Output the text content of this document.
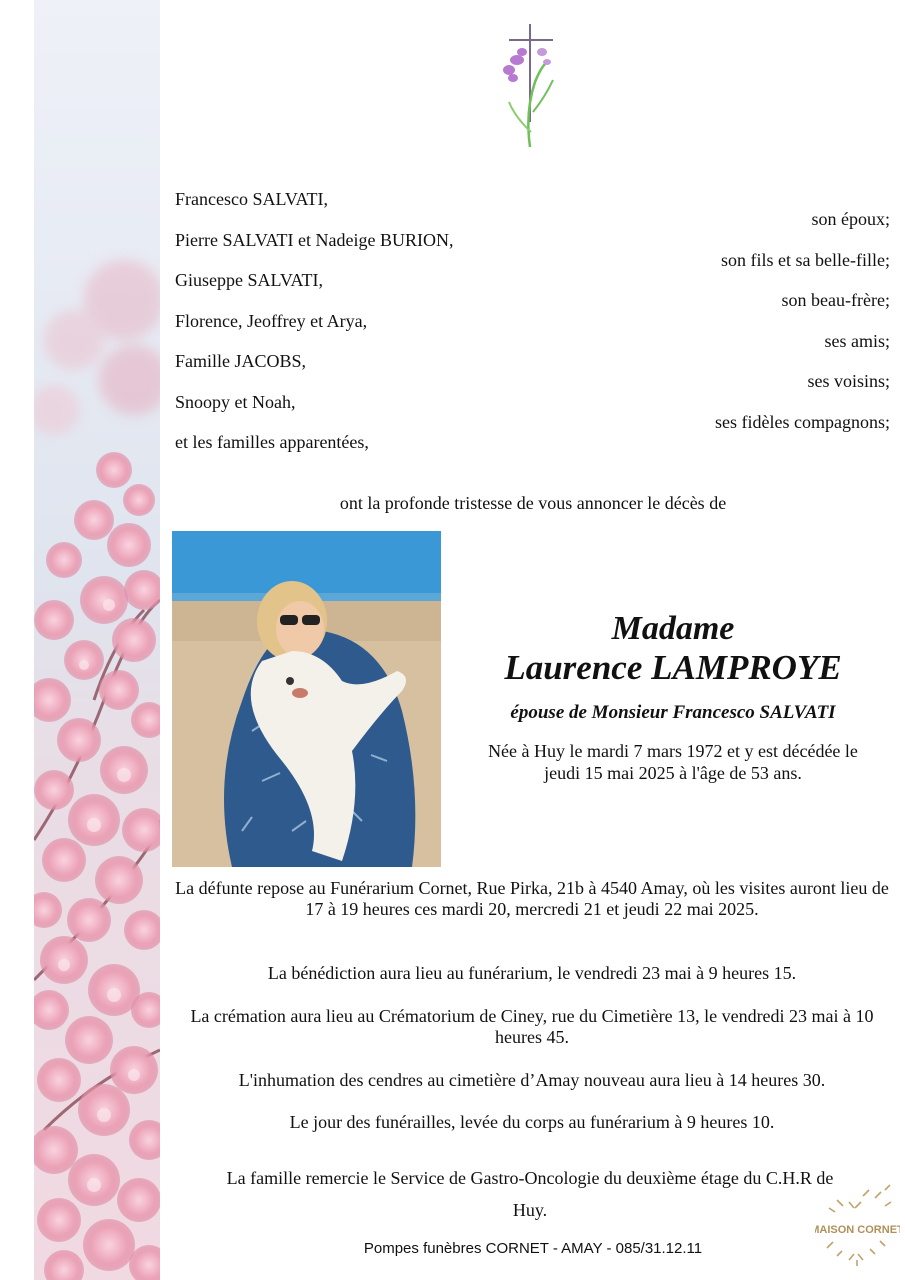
Francesco SALVATI,
son époux;
Pierre SALVATI et Nadeige BURION,
son fils et sa belle-fille;
Giuseppe SALVATI,
son beau-frère;
Florence, Jeoffrey et Arya,
ses amis;
Famille JACOBS,
ses voisins;
Snoopy et Noah,
ses fidèles compagnons;
et les familles apparentées,
ont la profonde tristesse de vous annoncer le décès de
Madame
Laurence LAMPROYE
épouse de Monsieur Francesco SALVATI
Née à Huy le mardi 7 mars 1972 et y est décédée le
jeudi 15 mai 2025 à l'âge de 53 ans.
La défunte repose au Funérarium Cornet, Rue Pirka, 21b à 4540 Amay, où les visites auront lieu de 17 à 19 heures ces mardi 20, mercredi 21 et jeudi 22 mai 2025.
La bénédiction aura lieu au funérarium, le vendredi 23 mai à 9 heures 15.
La crémation aura lieu au Crématorium de Ciney, rue du Cimetière 13, le vendredi 23 mai à 10 heures 45.
L'inhumation des cendres au cimetière d’Amay nouveau aura lieu à 14 heures 30.
Le jour des funérailles, levée du corps au funérarium à 9 heures 10.
La famille remercie le Service de Gastro-Oncologie du deuxième étage du C.H.R de Huy.
Pompes funèbres CORNET - AMAY - 085/31.12.11
MAISON CORNET
